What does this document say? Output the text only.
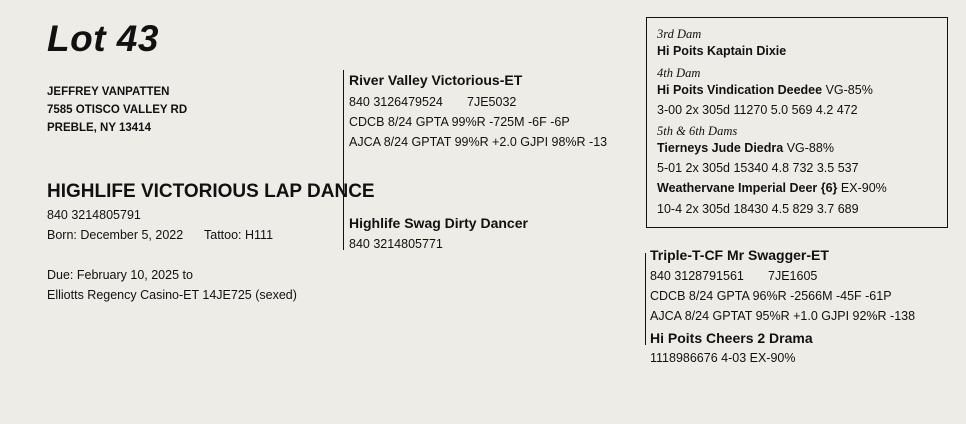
Lot 43
JEFFREY VANPATTEN
7585 OTISCO VALLEY RD
PREBLE, NY 13414
HIGHLIFE VICTORIOUS LAP DANCE
840 3214805791
Born: December 5, 2022 Tattoo: H111
Due: February 10, 2025 to
Elliotts Regency Casino-ET 14JE725 (sexed)
River Valley Victorious-ET
840 3126479524 7JE5032
CDCB 8/24 GPTA 99%R -725M -6F -6P
AJCA 8/24 GPTAT 99%R +2.0 GJPI 98%R -13
Highlife Swag Dirty Dancer
840 3214805771
Triple-T-CF Mr Swagger-ET
840 3128791561 7JE1605
CDCB 8/24 GPTA 96%R -2566M -45F -61P
AJCA 8/24 GPTAT 95%R +1.0 GJPI 92%R -138
Hi Poits Cheers 2 Drama
1118986676 4-03 EX-90%
3rd Dam
Hi Poits Kaptain Dixie
4th Dam
Hi Poits Vindication Deedee VG-85%
3-00 2x 305d 11270 5.0 569 4.2 472
5th & 6th Dams
Tierneys Jude Diedra VG-88%
5-01 2x 305d 15340 4.8 732 3.5 537
Weathervane Imperial Deer {6} EX-90%
10-4 2x 305d 18430 4.5 829 3.7 689
